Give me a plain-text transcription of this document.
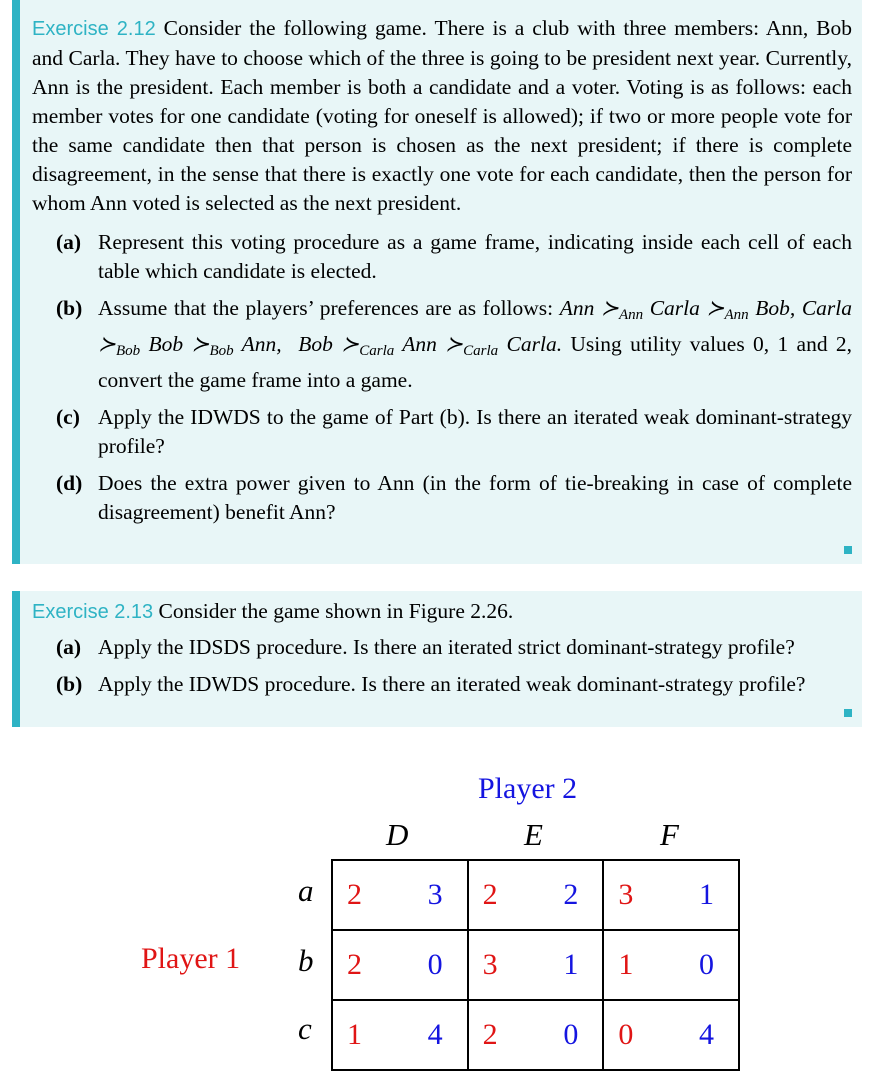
Exercise 2.12 Consider the following game. There is a club with three members: Ann, Bob and Carla. They have to choose which of the three is going to be president next year. Currently, Ann is the president. Each member is both a candidate and a voter. Voting is as follows: each member votes for one candidate (voting for oneself is allowed); if two or more people vote for the same candidate then that person is chosen as the next president; if there is complete disagreement, in the sense that there is exactly one vote for each candidate, then the person for whom Ann voted is selected as the next president.

(a) Represent this voting procedure as a game frame, indicating inside each cell of each table which candidate is elected.
(b) Assume that the players’ preferences are as follows: Ann $≻_{Ann}$ Carla $≻_{Ann}$ Bob, Carla $≻_{Bob}$ Bob $≻_{Bob}$ Ann, Bob $≻_{Carla}$ Ann $≻_{Carla}$ Carla. Using utility values 0, 1 and 2, convert the game frame into a game.
(c) Apply the IDWDS to the game of Part (b). Is there an iterated weak dominant-strategy profile?
(d) Does the extra power given to Ann (in the form of tie-breaking in case of complete disagreement) benefit Ann?

Exercise 2.13 Consider the game shown in Figure 2.26.

(a) Apply the IDSDS procedure. Is there an iterated strict dominant-strategy profile?
(b) Apply the IDWDS procedure. Is there an iterated weak dominant-strategy profile?
Player 2
D	E	F
Player 1
a
b
c
2 3	2 2	3 1

2 0	3 1	1 0

1 4	2 0	0 4
